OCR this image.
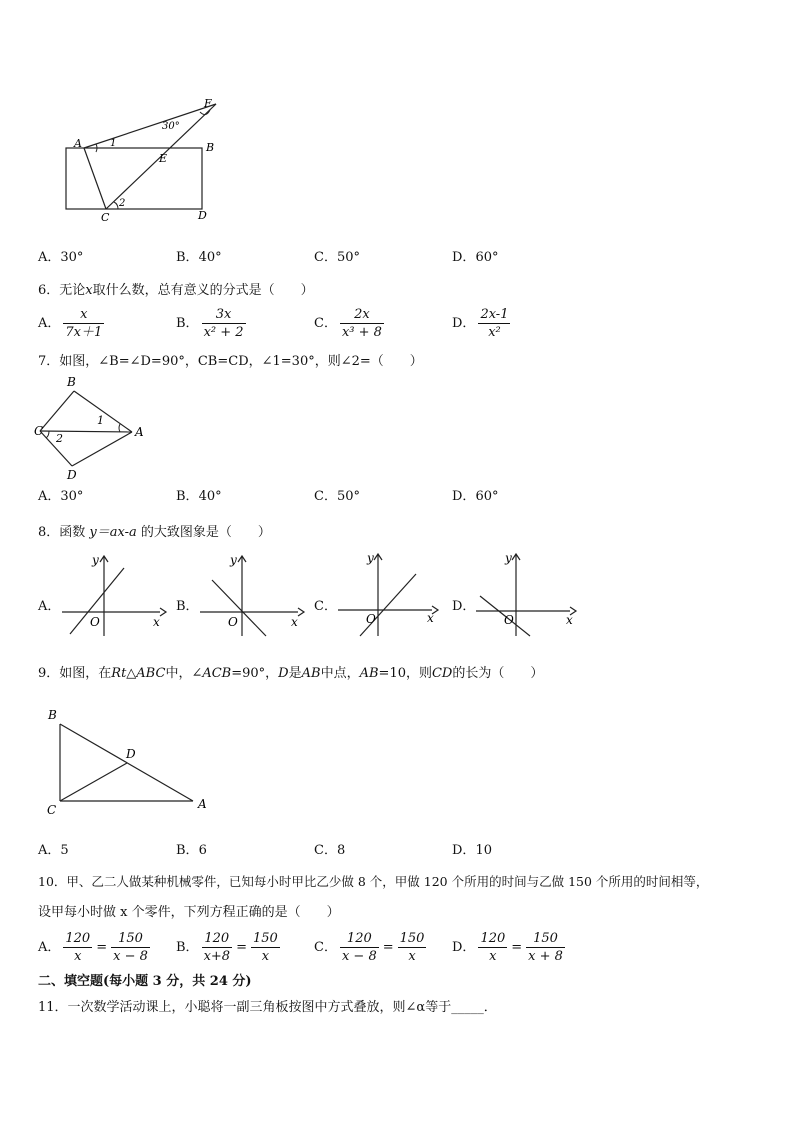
A	B
C	D
E
F
1
2
30°
A．30°	B．40°	C．50°	D．60°
6．无论x取什么数，总有意义的分式是（　　）
A． $\frac{x}{7x+1}$	B． $\frac{3x}{\text{x² + 2}}$	C． $\frac{2x}{\text{x³ + 8}}$	D． $\frac{2x-1}{\text{x²}}$
7．如图，∠B=∠D=90°，CB=CD，∠1=30°，则∠2=（　　）
B
C	A
D
1
2
A．30°	B．40°	C．50°	D．60°
8．函数 y＝ax-a 的大致图象是（　　）
A．
y
x
O
B．
y
x
O
C．
y
x
O
D．
y
x
O
9．如图，在Rt△ABC中，∠ACB=90°，D是AB中点，AB=10，则CD的长为（　　）
B
C	A
D
A．5	B．6	C．8	D．10
10．甲、乙二人做某种机械零件，已知每小时甲比乙少做 8 个，甲做 120 个所用的时间与乙做 150 个所用的时间相等，
设甲每小时做 x 个零件，下列方程正确的是（　　）
A． $\frac{120}{x} = \frac{150}{x - 8}$ B． $\frac{120}{x+8} = \frac{150}{x}$	C． $\frac{120}{x - 8} = \frac{150}{x}$ D． $\frac{120}{x} = \frac{150}{x + 8}$
二、填空题(每小题 3 分，共 24 分)
11．一次数学活动课上，小聪将一副三角板按图中方式叠放，则∠α等于_____．
